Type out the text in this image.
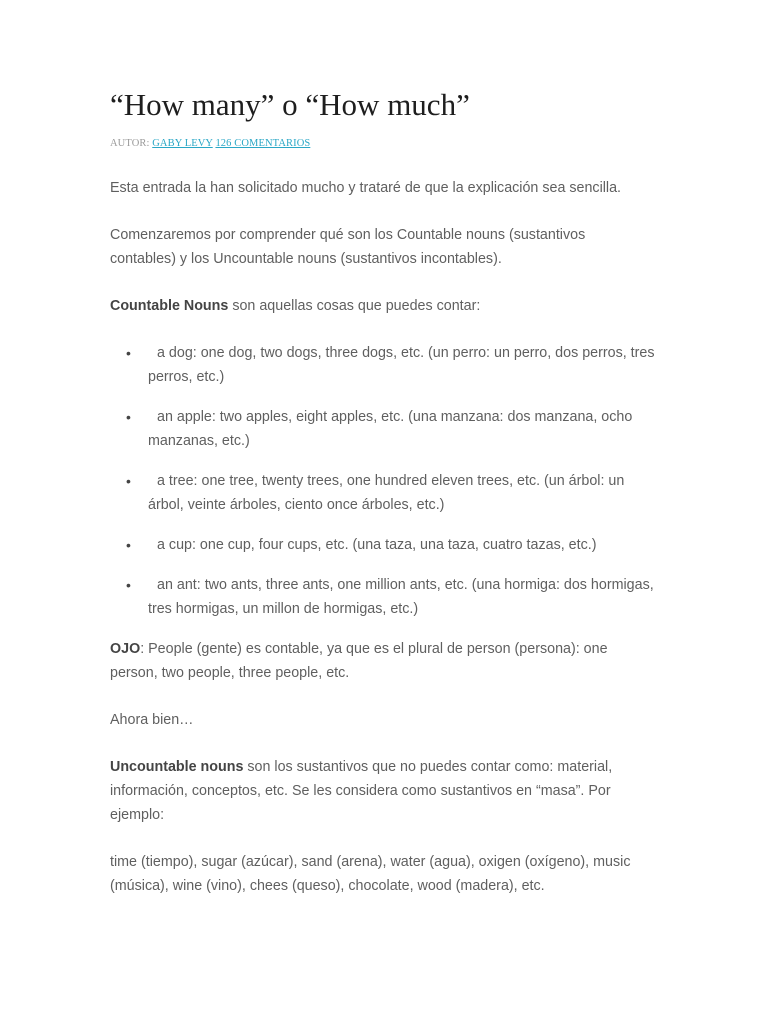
“How many” o “How much”
AUTOR: GABY LEVY 126 COMENTARIOS

Esta entrada la han solicitado mucho y trataré de que la explicación sea sencilla.

Comenzaremos por comprender qué son los Countable nouns (sustantivos contables) y los Uncountable nouns (sustantivos incontables).

Countable Nouns son aquellas cosas que puedes contar:

• a dog: one dog, two dogs, three dogs, etc. (un perro: un perro, dos perros, tres perros, etc.)
• an apple: two apples, eight apples, etc. (una manzana: dos manzana, ocho manzanas, etc.)
• a tree: one tree, twenty trees, one hundred eleven trees, etc. (un árbol: un árbol, veinte árboles, ciento once árboles, etc.)
• a cup: one cup, four cups, etc. (una taza, una taza, cuatro tazas, etc.)
• an ant: two ants, three ants, one million ants, etc. (una hormiga: dos hormigas, tres hormigas, un millon de hormigas, etc.)

OJO: People (gente) es contable, ya que es el plural de person (persona): one person, two people, three people, etc.

Ahora bien…

Uncountable nouns son los sustantivos que no puedes contar como: material, información, conceptos, etc. Se les considera como sustantivos en “masa”. Por ejemplo:

time (tiempo), sugar (azúcar), sand (arena), water (agua), oxigen (oxígeno), music (música), wine (vino), chees (queso), chocolate, wood (madera), etc.
